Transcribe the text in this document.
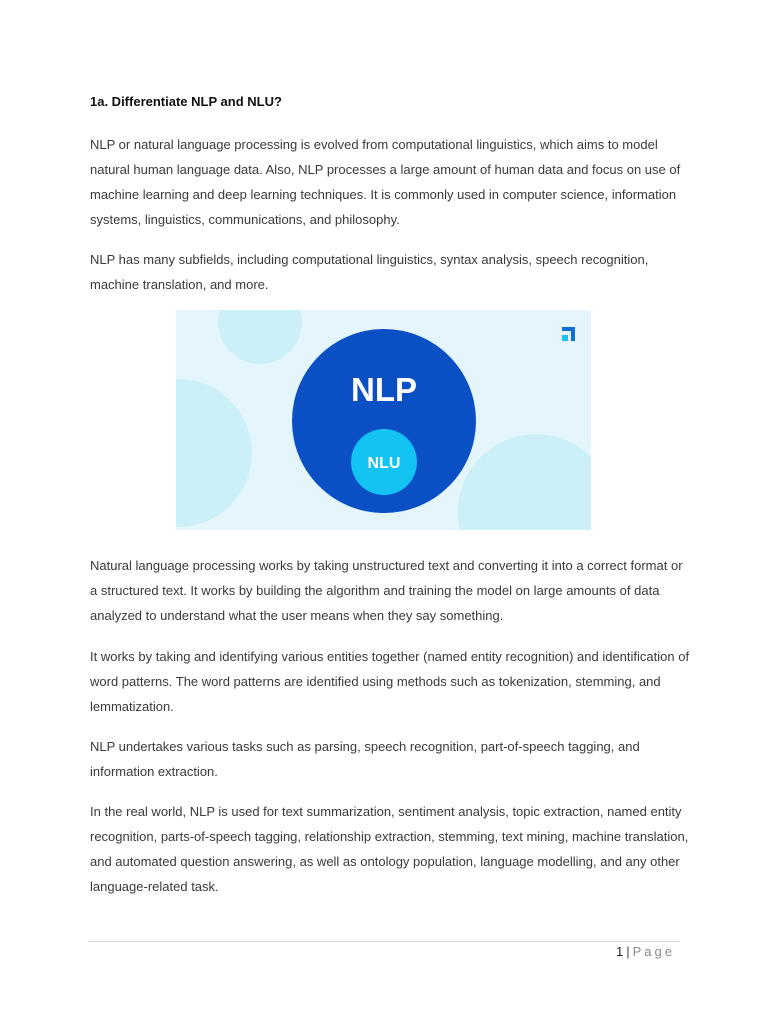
1a. Differentiate NLP and NLU?

NLP or natural language processing is evolved from computational linguistics, which aims to model natural human language data. Also, NLP processes a large amount of human data and focus on use of machine learning and deep learning techniques. It is commonly used in computer science, information systems, linguistics, communications, and philosophy.

NLP has many subfields, including computational linguistics, syntax analysis, speech recognition, machine translation, and more.

NLP
NLU

Natural language processing works by taking unstructured text and converting it into a correct format or a structured text. It works by building the algorithm and training the model on large amounts of data analyzed to understand what the user means when they say something.

It works by taking and identifying various entities together (named entity recognition) and identification of word patterns. The word patterns are identified using methods such as tokenization, stemming, and lemmatization.

NLP undertakes various tasks such as parsing, speech recognition, part-of-speech tagging, and information extraction.

In the real world, NLP is used for text summarization, sentiment analysis, topic extraction, named entity recognition, parts-of-speech tagging, relationship extraction, stemming, text mining, machine translation, and automated question answering, as well as ontology population, language modelling, and any other language-related task.

1 | Page
